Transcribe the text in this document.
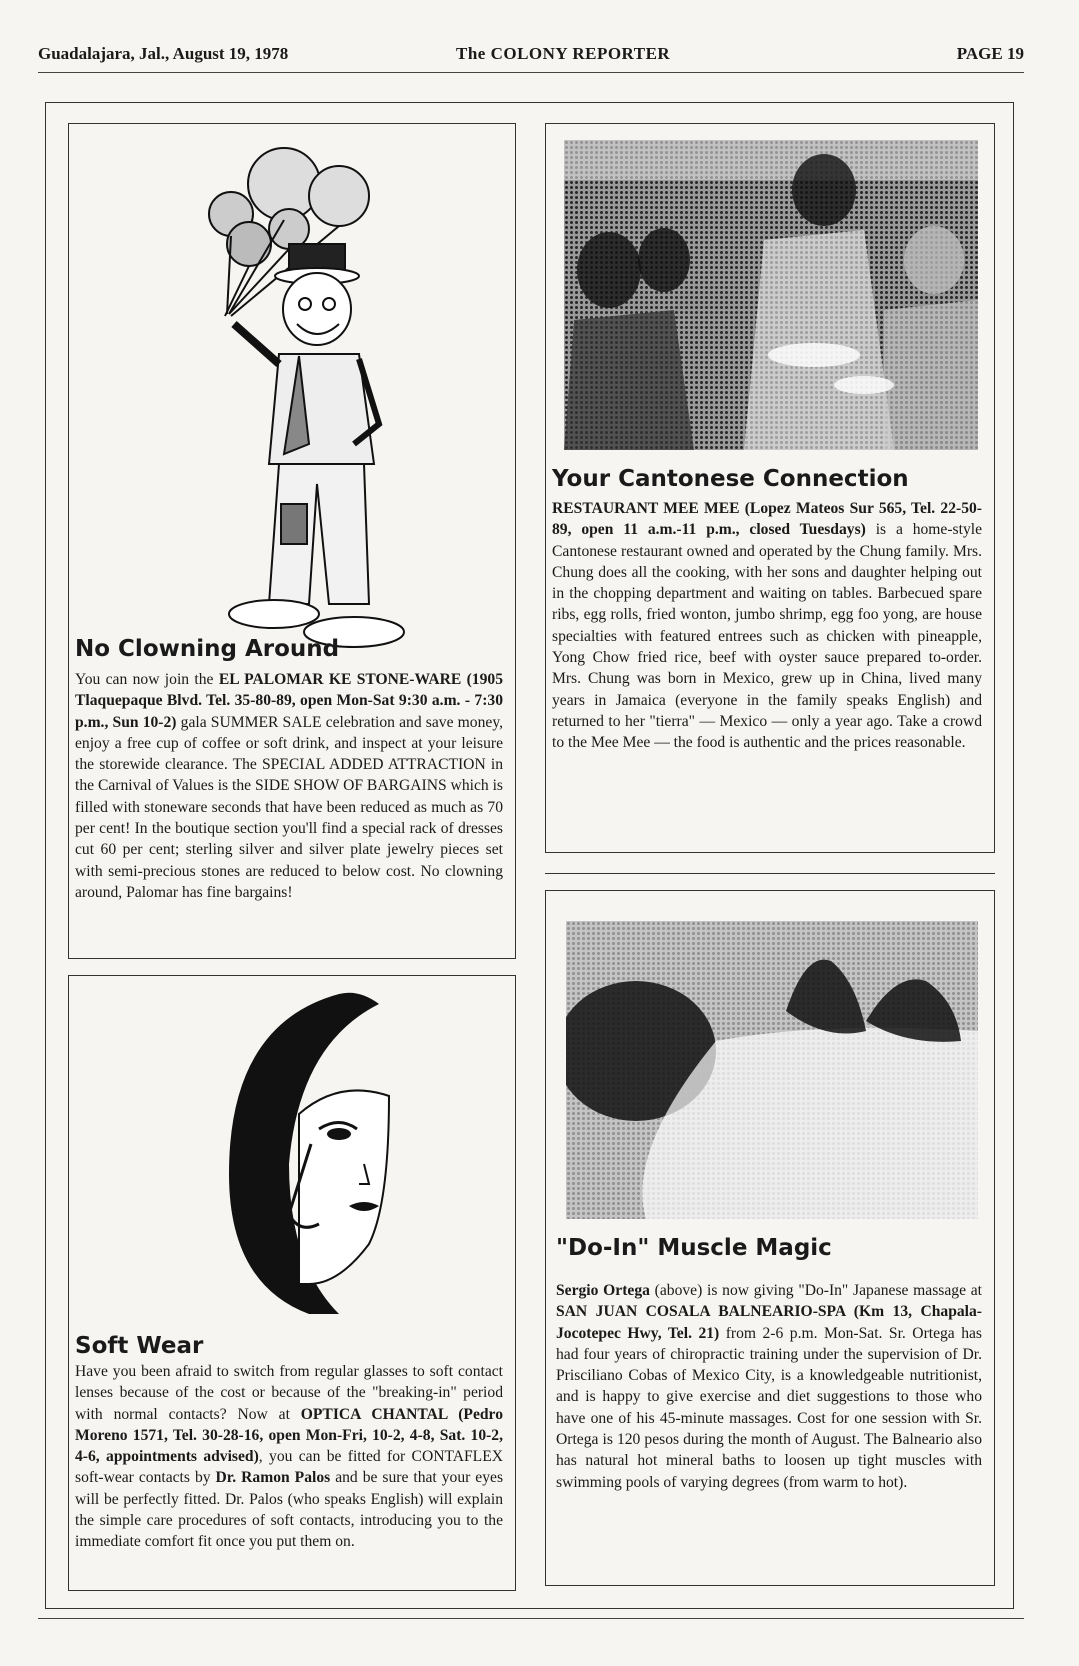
Guadalajara, Jal., August 19, 1978	The COLONY REPORTER	PAGE 19
No Clowning Around

You can now join the EL PALOMAR KE STONE-WARE (1905 Tlaquepaque Blvd. Tel. 35-80-89, open Mon-Sat 9:30 a.m. - 7:30 p.m., Sun 10-2) gala SUMMER SALE celebration and save money, enjoy a free cup of coffee or soft drink, and inspect at your leisure the storewide clearance. The SPECIAL ADDED ATTRACTION in the Carnival of Values is the SIDE SHOW OF BARGAINS which is filled with stoneware seconds that have been reduced as much as 70 per cent! In the boutique section you'll find a special rack of dresses cut 60 per cent; sterling silver and silver plate jewelry pieces set with semi-precious stones are reduced to below cost. No clowning around, Palomar has fine bargains!

Your Cantonese Connection

RESTAURANT MEE MEE (Lopez Mateos Sur 565, Tel. 22-50-89, open 11 a.m.-11 p.m., closed Tuesdays) is a home-style Cantonese restaurant owned and operated by the Chung family. Mrs. Chung does all the cooking, with her sons and daughter helping out in the chopping department and waiting on tables. Barbecued spare ribs, egg rolls, fried wonton, jumbo shrimp, egg foo yong, are house specialties with featured entrees such as chicken with pineapple, Yong Chow fried rice, beef with oyster sauce prepared to-order. Mrs. Chung was born in Mexico, grew up in China, lived many years in Jamaica (everyone in the family speaks English) and returned to her "tierra" — Mexico — only a year ago. Take a crowd to the Mee Mee — the food is authentic and the prices reasonable.

Soft Wear

Have you been afraid to switch from regular glasses to soft contact lenses because of the cost or because of the "breaking-in" period with normal contacts? Now at OPTICA CHANTAL (Pedro Moreno 1571, Tel. 30-28-16, open Mon-Fri, 10-2, 4-8, Sat. 10-2, 4-6, appointments advised), you can be fitted for CONTAFLEX soft-wear contacts by Dr. Ramon Palos and be sure that your eyes will be perfectly fitted. Dr. Palos (who speaks English) will explain the simple care procedures of soft contacts, introducing you to the immediate comfort fit once you put them on.

"Do-In" Muscle Magic

Sergio Ortega (above) is now giving "Do-In" Japanese massage at SAN JUAN COSALA BALNEARIO-SPA (Km 13, Chapala-Jocotepec Hwy, Tel. 21) from 2-6 p.m. Mon-Sat. Sr. Ortega has had four years of chiropractic training under the supervision of Dr. Prisciliano Cobas of Mexico City, is a knowledgeable nutritionist, and is happy to give exercise and diet suggestions to those who have one of his 45-minute massages. Cost for one session with Sr. Ortega is 120 pesos during the month of August. The Balneario also has natural hot mineral baths to loosen up tight muscles with swimming pools of varying degrees (from warm to hot).
